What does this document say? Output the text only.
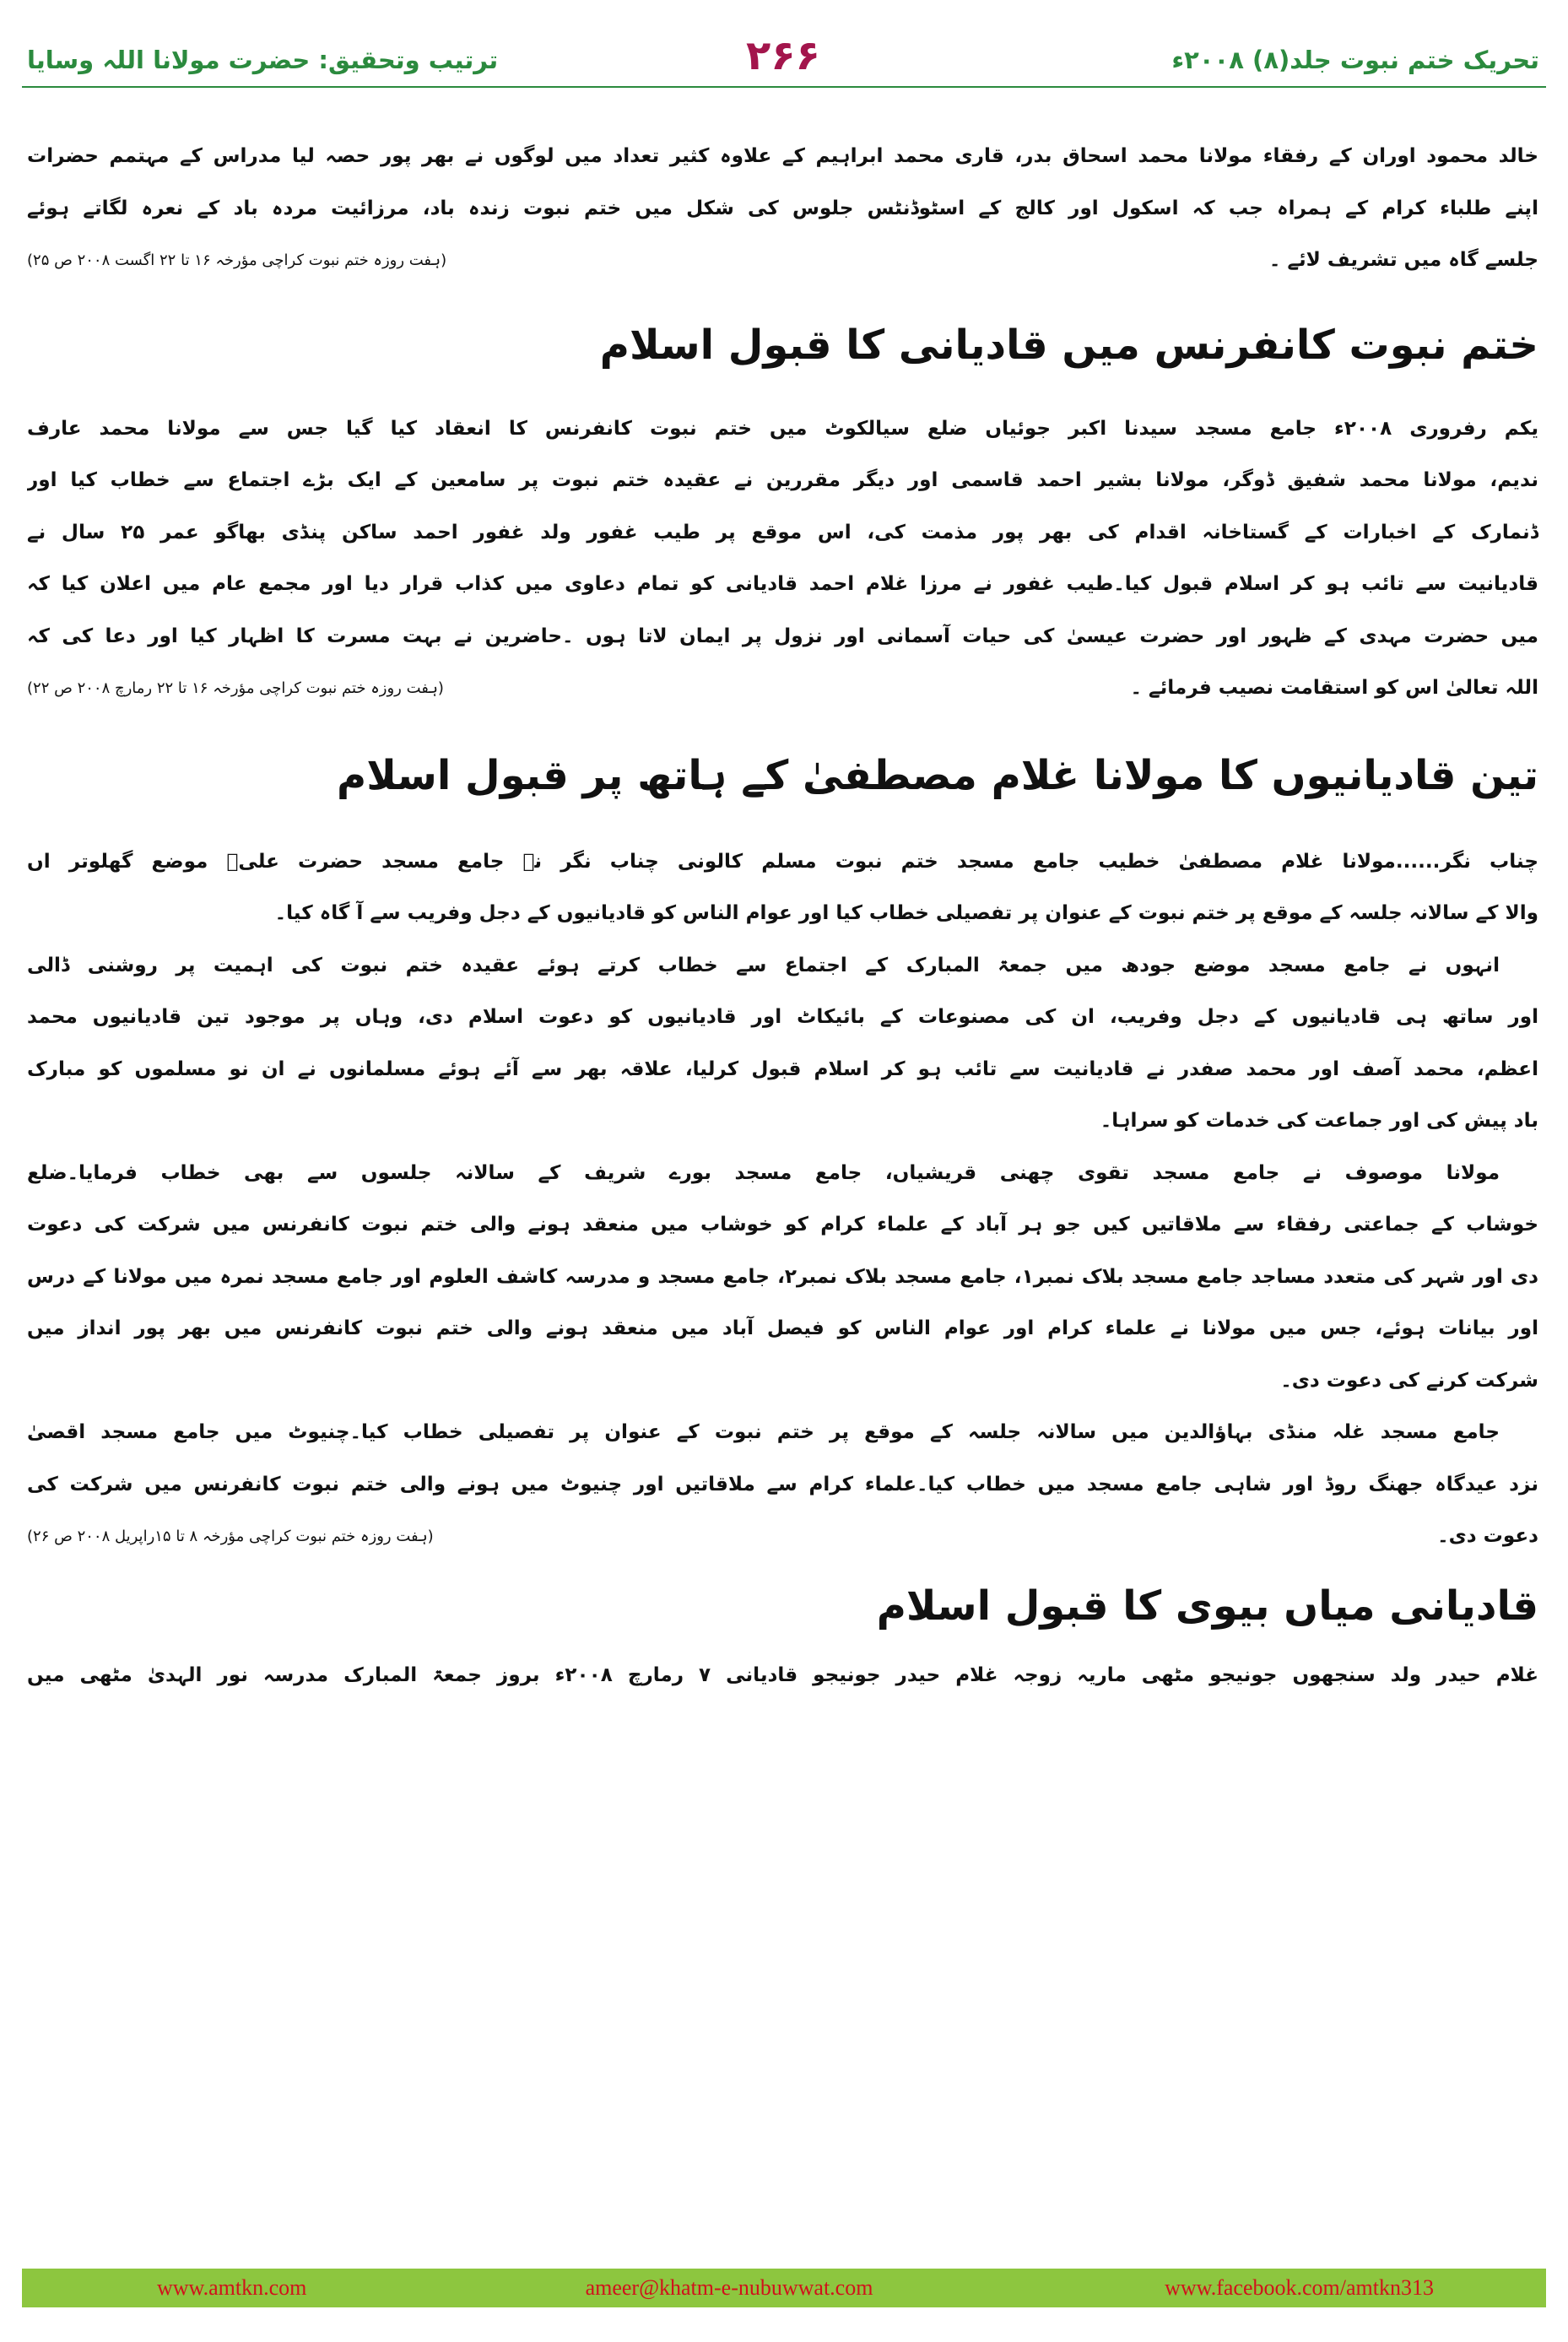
تحریک ختم نبوت جلد(۸) ۲۰۰۸ء
۲۶۶
ترتیب وتحقیق: حضرت مولانا اللہ وسایا
خالد محمود اوران کے رفقاء مولانا محمد اسحاق بدر، قاری محمد ابراہیم کے علاوہ کثیر تعداد میں لوگوں نے بھر پور حصہ لیا مدراس کے مہتمم حضرات
اپنے طلباء کرام کے ہمراہ جب کہ اسکول اور کالج کے اسٹوڈنٹس جلوس کی شکل میں ختم نبوت زندہ باد، مرزائیت مردہ باد کے نعرہ لگاتے ہوئے
جلسے گاہ میں تشریف لائے ۔
(ہفت روزہ ختم نبوت کراچی مؤرخہ ۱۶ تا ۲۲ اگست ۲۰۰۸ ص ۲۵)
ختم نبوت کانفرنس میں قادیانی کا قبول اسلام
یکم رفروری ۲۰۰۸ء جامع مسجد سیدنا اکبر جوئیاں ضلع سیالکوٹ میں ختم نبوت کانفرنس کا انعقاد کیا گیا جس سے مولانا محمد عارف
ندیم، مولانا محمد شفیق ڈوگر، مولانا بشیر احمد قاسمی اور دیگر مقررین نے عقیدہ ختم نبوت پر سامعین کے ایک بڑے اجتماع سے خطاب کیا اور
ڈنمارک کے اخبارات کے گستاخانہ اقدام کی بھر پور مذمت کی، اس موقع پر طیب غفور ولد غفور احمد ساکن پنڈی بھاگو عمر ۲۵ سال نے
قادیانیت سے تائب ہو کر اسلام قبول کیا۔طیب غفور نے مرزا غلام احمد قادیانی کو تمام دعاوی میں کذاب قرار دیا اور مجمع عام میں اعلان کیا کہ
میں حضرت مہدی کے ظہور اور حضرت عیسیٰ کی حیات آسمانی اور نزول پر ایمان لاتا ہوں ۔حاضرین نے بہت مسرت کا اظہار کیا اور دعا کی کہ
اللہ تعالیٰ اس کو استقامت نصیب فرمائے ۔
(ہفت روزہ ختم نبوت کراچی مؤرخہ ۱۶ تا ۲۲ رمارچ ۲۰۰۸ ص ۲۲)
تین قادیانیوں کا مولانا غلام مصطفیٰ کے ہاتھ پر قبول اسلام
چناب نگر......مولانا غلام مصطفیٰ خطیب جامع مسجد ختم نبوت مسلم کالونی چناب نگر نے جامع مسجد حضرت علیؓ موضع گھلوتر اں
والا کے سالانہ جلسہ کے موقع پر ختم نبوت کے عنوان پر تفصیلی خطاب کیا اور عوام الناس کو قادیانیوں کے دجل وفریب سے آ گاہ کیا۔
انہوں نے جامع مسجد موضع جودھ میں جمعۃ المبارک کے اجتماع سے خطاب کرتے ہوئے عقیدہ ختم نبوت کی اہمیت پر روشنی ڈالی
اور ساتھ ہی قادیانیوں کے دجل وفریب، ان کی مصنوعات کے بائیکاٹ اور قادیانیوں کو دعوت اسلام دی، وہاں پر موجود تین قادیانیوں محمد
اعظم، محمد آصف اور محمد صفدر نے قادیانیت سے تائب ہو کر اسلام قبول کرلیا، علاقہ بھر سے آئے ہوئے مسلمانوں نے ان نو مسلموں کو مبارک
باد پیش کی اور جماعت کی خدمات کو سراہا۔
مولانا موصوف نے جامع مسجد تقوی چھنی قریشیاں، جامع مسجد بورے شریف کے سالانہ جلسوں سے بھی خطاب فرمایا۔ضلع
خوشاب کے جماعتی رفقاء سے ملاقاتیں کیں جو ہر آباد کے علماء کرام کو خوشاب میں منعقد ہونے والی ختم نبوت کانفرنس میں شرکت کی دعوت
دی اور شہر کی متعدد مساجد جامع مسجد بلاک نمبر۱، جامع مسجد بلاک نمبر۲، جامع مسجد و مدرسہ کاشف العلوم اور جامع مسجد نمرہ میں مولانا کے درس
اور بیانات ہوئے، جس میں مولانا نے علماء کرام اور عوام الناس کو فیصل آباد میں منعقد ہونے والی ختم نبوت کانفرنس میں بھر پور انداز میں
شرکت کرنے کی دعوت دی۔
جامع مسجد غلہ منڈی بہاؤالدین میں سالانہ جلسہ کے موقع پر ختم نبوت کے عنوان پر تفصیلی خطاب کیا۔چنیوٹ میں جامع مسجد اقصیٰ
نزد عیدگاہ جھنگ روڈ اور شاہی جامع مسجد میں خطاب کیا۔علماء کرام سے ملاقاتیں اور چنیوٹ میں ہونے والی ختم نبوت کانفرنس میں شرکت کی
دعوت دی۔
(ہفت روزہ ختم نبوت کراچی مؤرخہ ۸ تا ۱۵راپریل ۲۰۰۸ ص ۲۶)
قادیانی میاں بیوی کا قبول اسلام
غلام حیدر ولد سنجھوں جونیجو مٹھی ماریہ زوجہ غلام حیدر جونیجو قادیانی ۷ رمارچ ۲۰۰۸ء بروز جمعۃ المبارک مدرسہ نور الہدیٰ مٹھی میں
www.amtkn.com	ameer@khatm-e-nubuwwat.com	www.facebook.com/amtkn313
